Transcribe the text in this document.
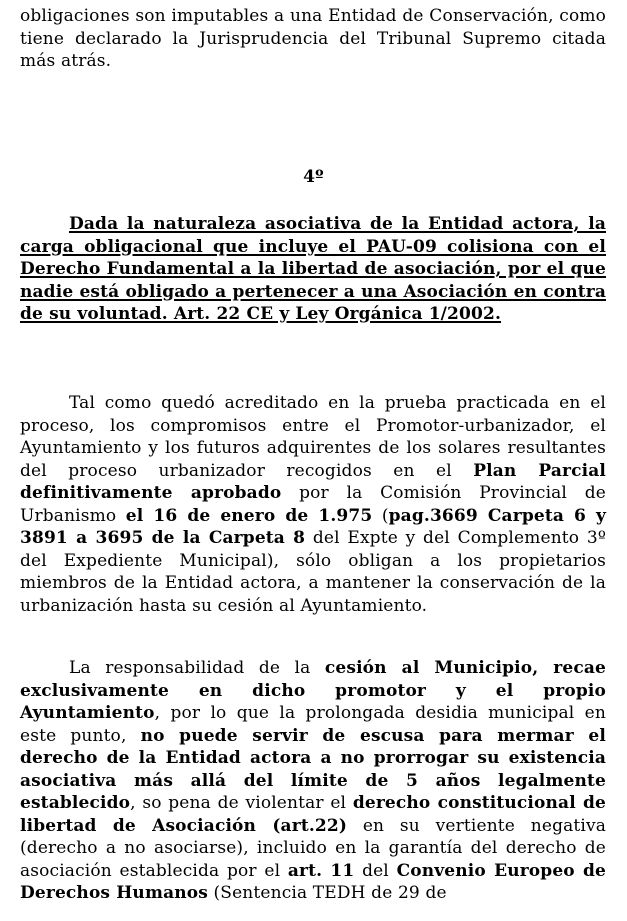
obligaciones son imputables a una Entidad de Conservación, como tiene declarado la Jurisprudencia del Tribunal Supremo citada más atrás.

4º

Dada la naturaleza asociativa de la Entidad actora, la carga obligacional que incluye el PAU-09 colisiona con el Derecho Fundamental a la libertad de asociación, por el que nadie está obligado a pertenecer a una Asociación en contra de su voluntad. Art. 22 CE y Ley Orgánica 1/2002.

Tal como quedó acreditado en la prueba practicada en el proceso, los compromisos entre el Promotor-urbanizador, el Ayuntamiento y los futuros adquirentes de los solares resultantes del proceso urbanizador recogidos en el Plan Parcial definitivamente aprobado por la Comisión Provincial de Urbanismo el 16 de enero de 1.975 (pag.3669 Carpeta 6 y 3891 a 3695 de la Carpeta 8 del Expte y del Complemento 3º del Expediente Municipal), sólo obligan a los propietarios miembros de la Entidad actora, a mantener la conservación de la urbanización hasta su cesión al Ayuntamiento.

La responsabilidad de la cesión al Municipio, recae exclusivamente en dicho promotor y el propio Ayuntamiento, por lo que la prolongada desidia municipal en este punto, no puede servir de escusa para mermar el derecho de la Entidad actora a no prorrogar su existencia asociativa más allá del límite de 5 años legalmente establecido, so pena de violentar el derecho constitucional de libertad de Asociación (art.22) en su vertiente negativa (derecho a no asociarse), incluido en la garantía del derecho de asociación establecida por el art. 11 del Convenio Europeo de Derechos Humanos (Sentencia TEDH de 29 de
